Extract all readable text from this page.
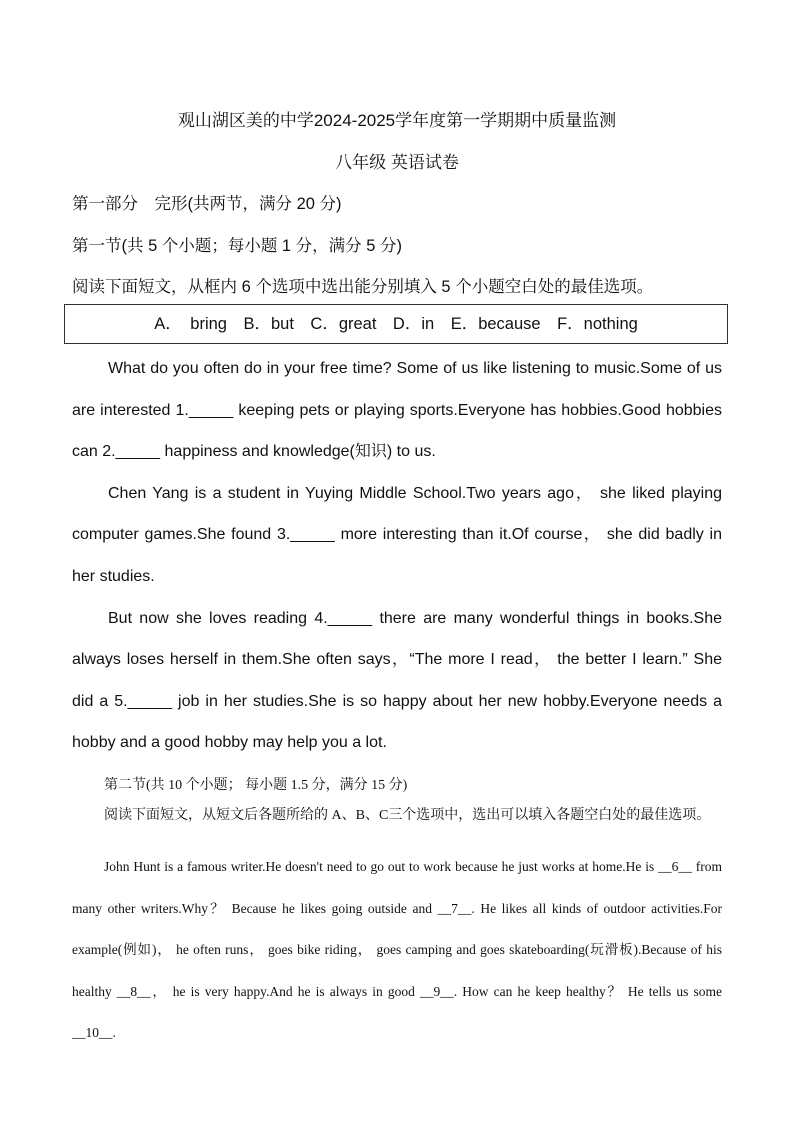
观山湖区美的中学2024-2025学年度第一学期期中质量监测
八年级 英语试卷
第一部分　完形(共两节，满分 20 分)
第一节(共 5 个小题；每小题 1 分，满分 5 分)
阅读下面短文，从框内 6 个选项中选出能分别填入 5 个小题空白处的最佳选项。
A． bring　B．but　C．great　D．in　E．because　F．nothing

What do you often do in your free time? Some of us like listening to music.Some of us are interested 1._____ keeping pets or playing sports.Everyone has hobbies.Good hobbies can 2._____ happiness and knowledge(知识) to us.

Chen Yang is a student in Yuying Middle School.Two years ago， she liked playing computer games.She found 3._____ more interesting than it.Of course， she did badly in her studies.

But now she loves reading 4._____ there are many wonderful things in books.She always loses herself in them.She often says，“The more I read， the better I learn.” She did a 5._____ job in her studies.She is so happy about her new hobby.Everyone needs a hobby and a good hobby may help you a lot.

第二节(共 10 个小题； 每小题 1.5 分，满分 15 分)
阅读下面短文，从短文后各题所给的 A、B、C三个选项中，选出可以填入各题空白处的最佳选项。
John Hunt is a famous writer.He doesn't need to go out to work because he just works at home.He is __6__ from many other writers.Why？ Because he likes going outside and __7__. He likes all kinds of outdoor activities.For example(例如)， he often runs， goes bike riding， goes camping and goes skateboarding(玩滑板).Because of his healthy __8__， he is very happy.And he is always in good __9__. How can he keep healthy？ He tells us some __10__.
